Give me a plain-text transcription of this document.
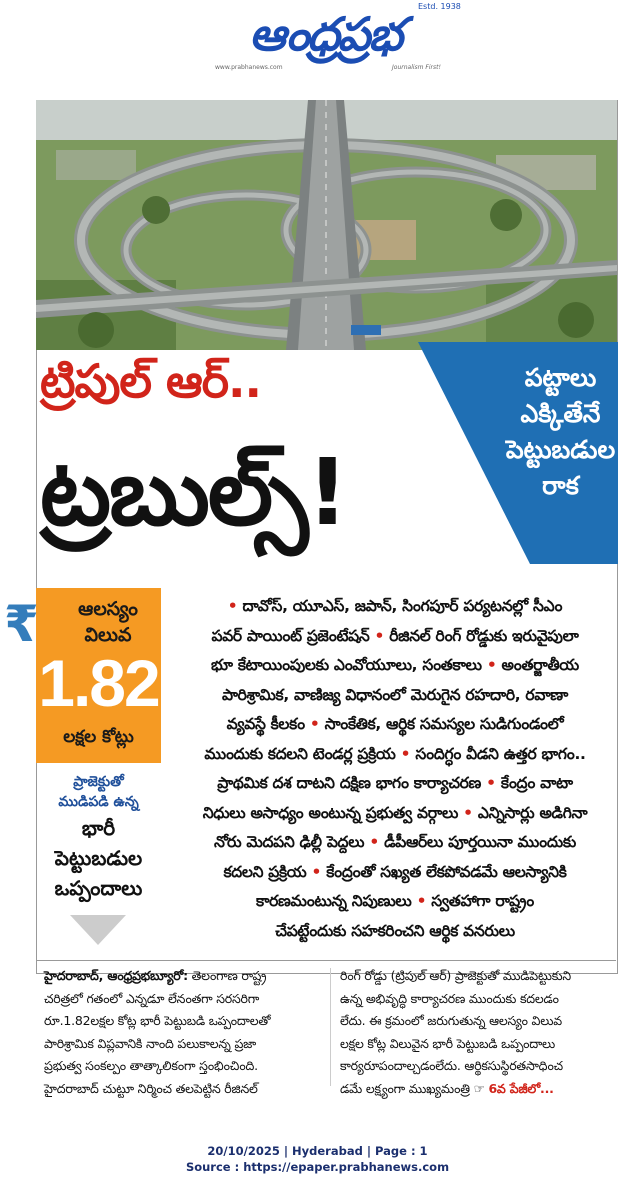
ఆంధ్రప్రభ
Estd. 1938
www.prabhanews.com	Journalism First!
ట్రిపుల్ ఆర్..
ట్రబుల్స్!
పట్టాలు
ఎక్కితేనే
పెట్టుబడుల
రాక
₹	ఆలస్యం
విలువ
1.82
లక్షల కోట్లు
ప్రాజెక్టుతో
ముడిపడి ఉన్న
భారీ
పెట్టుబడుల
ఒప్పందాలు

• దావోస్, యూఎస్, జపాన్, సింగపూర్ పర్యటనల్లో సీఎం

పవర్ పాయింట్ ప్రజెంటేషన్ • రీజినల్ రింగ్ రోడ్డుకు ఇరువైపులా

భూ కేటాయింపులకు ఎంవోయూలు, సంతకాలు • అంతర్జాతీయ

పారిశ్రామిక, వాణిజ్య విధానంలో మెరుగైన రహదారి, రవాణా

వ్యవస్థే కీలకం • సాంకేతిక, ఆర్థిక సమస్యల సుడిగుండంలో

ముందుకు కదలని టెండర్ల ప్రక్రియ • సందిగ్ధం వీడని ఉత్తర భాగం..

ప్రాథమిక దశ దాటని దక్షిణ భాగం కార్యాచరణ • కేంద్రం వాటా

నిధులు అసాధ్యం అంటున్న ప్రభుత్వ వర్గాలు • ఎన్నిసార్లు అడిగినా

నోరు మెదపని ఢిల్లీ పెద్దలు • డీపీఆర్‌లు పూర్తయినా ముందుకు

కదలని ప్రక్రియ • కేంద్రంతో సఖ్యత లేకపోవడమే ఆలస్యానికి

కారణమంటున్న నిపుణులు • స్వతహాగా రాష్ట్రం

చేపట్టేందుకు సహకరించని ఆర్థిక వనరులు

హైదరాబాద్, ఆంధ్రప్రభబ్యూరో: తెలంగాణ రాష్ట్ర

చరిత్రలో గతంలో ఎన్నడూ లేనంతగా సరసరిగా

రూ.1.82లక్షల కోట్ల భారీ పెట్టుబడి ఒప్పందాలతో

పారిశ్రామిక విప్లవానికి నాంది పలుకాలన్న ప్రజా

ప్రభుత్వ సంకల్పం తాత్కాలికంగా స్తంభించింది.

హైదరాబాద్ చుట్టూ నిర్మించ తలపెట్టిన రీజినల్

రింగ్ రోడ్డు (ట్రిపుల్ ఆర్) ప్రాజెక్టుతో ముడిపెట్టుకుని

ఉన్న అభివృద్ధి కార్యాచరణ ముందుకు కదలడం

లేదు. ఈ క్రమంలో జరుగుతున్న ఆలస్యం విలువ

లక్షల కోట్ల విలువైన భారీ పెట్టుబడి ఒప్పందాలు

కార్యరూపందాల్చడంలేదు. ఆర్థికసుస్థిరతసాధించ

డమే లక్ష్యంగా ముఖ్యమంత్రి ☞ 6వ పేజీలో...

20/10/2025 | Hyderabad | Page : 1
Source : https://epaper.prabhanews.com
